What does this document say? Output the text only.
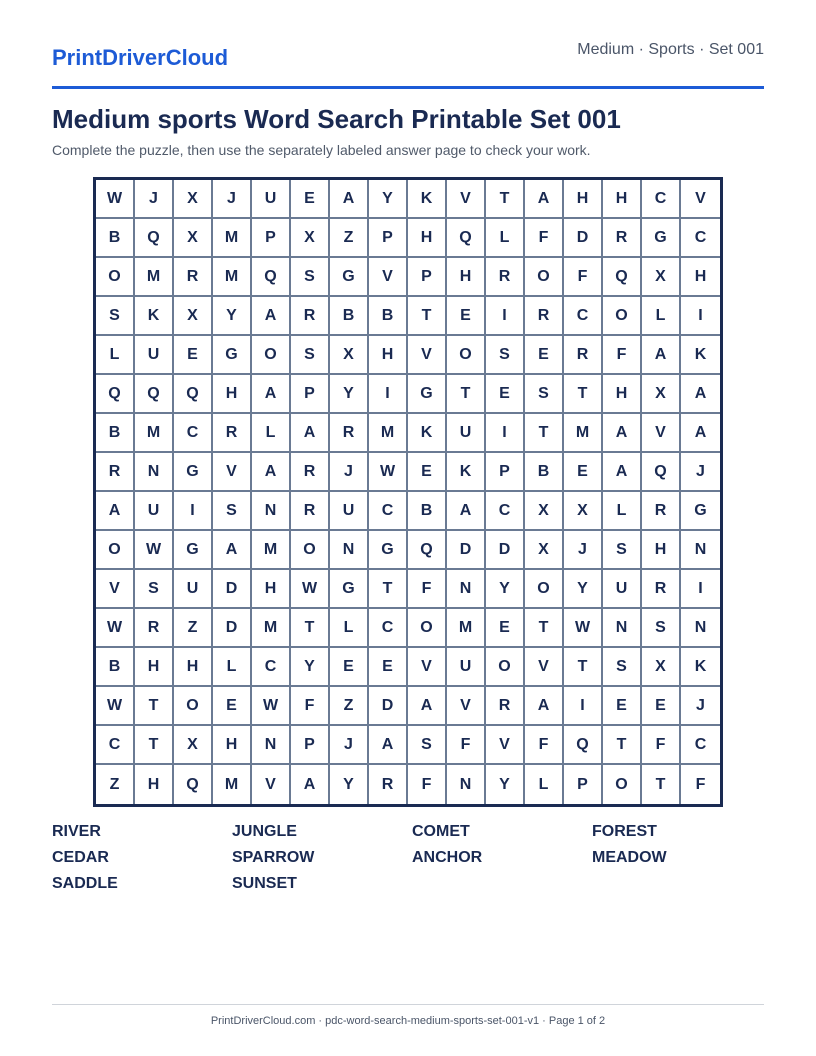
PrintDriverCloud	Medium · Sports · Set 001
Medium sports Word Search Printable Set 001

Complete the puzzle, then use the separately labeled answer page to check your work.

W	J	X	J	U	E	A	Y	K	V	T	A	H	H	C	V
B	Q	X	M	P	X	Z	P	H	Q	L	F	D	R	G	C
O	M	R	M	Q	S	G	V	P	H	R	O	F	Q	X	H
S	K	X	Y	A	R	B	B	T	E	I	R	C	O	L	I
L	U	E	G	O	S	X	H	V	O	S	E	R	F	A	K
Q	Q	Q	H	A	P	Y	I	G	T	E	S	T	H	X	A
B	M	C	R	L	A	R	M	K	U	I	T	M	A	V	A
R	N	G	V	A	R	J	W	E	K	P	B	E	A	Q	J
A	U	I	S	N	R	U	C	B	A	C	X	X	L	R	G
O	W	G	A	M	O	N	G	Q	D	D	X	J	S	H	N
V	S	U	D	H	W	G	T	F	N	Y	O	Y	U	R	I
W	R	Z	D	M	T	L	C	O	M	E	T	W	N	S	N
B	H	H	L	C	Y	E	E	V	U	O	V	T	S	X	K
W	T	O	E	W	F	Z	D	A	V	R	A	I	E	E	J
C	T	X	H	N	P	J	A	S	F	V	F	Q	T	F	C
Z	H	Q	M	V	A	Y	R	F	N	Y	L	P	O	T	F
RIVER	JUNGLE	COMET	FOREST
CEDAR	SPARROW	ANCHOR	MEADOW
SADDLE	SUNSET
PrintDriverCloud.com · pdc-word-search-medium-sports-set-001-v1 · Page 1 of 2
